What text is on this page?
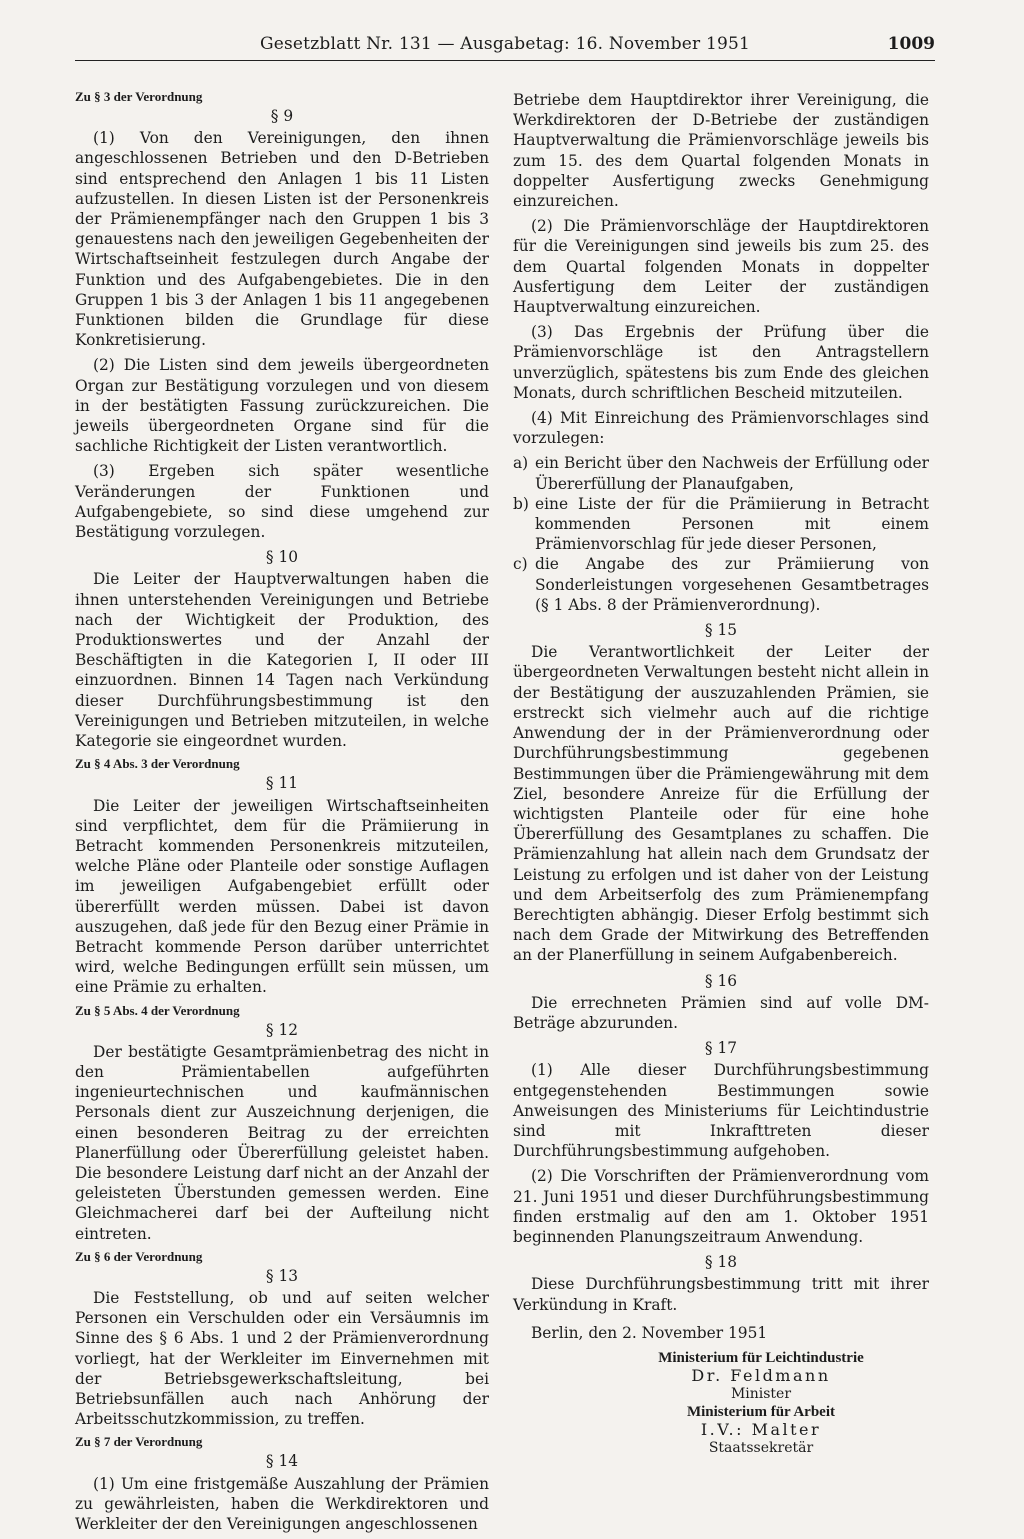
Gesetzblatt Nr. 131 — Ausgabetag: 16. November 1951	1009
Zu § 3 der Verordnung
§ 9

(1) Von den Vereinigungen, den ihnen angeschlossenen Betrieben und den D-Betrieben sind entsprechend den Anlagen 1 bis 11 Listen aufzustellen. In diesen Listen ist der Personenkreis der Prämienempfänger nach den Gruppen 1 bis 3 genauestens nach den jeweiligen Gegebenheiten der Wirtschaftseinheit festzulegen durch Angabe der Funktion und des Aufgabengebietes. Die in den Gruppen 1 bis 3 der Anlagen 1 bis 11 angegebenen Funktionen bilden die Grundlage für diese Konkretisierung.

(2) Die Listen sind dem jeweils übergeordneten Organ zur Bestätigung vorzulegen und von diesem in der bestätigten Fassung zurückzureichen. Die jeweils übergeordneten Organe sind für die sachliche Richtigkeit der Listen verantwortlich.

(3) Ergeben sich später wesentliche Veränderungen der Funktionen und Aufgabengebiete, so sind diese umgehend zur Bestätigung vorzulegen.

§ 10

Die Leiter der Hauptverwaltungen haben die ihnen unterstehenden Vereinigungen und Betriebe nach der Wichtigkeit der Produktion, des Produktionswertes und der Anzahl der Beschäftigten in die Kategorien I, II oder III einzuordnen. Binnen 14 Tagen nach Verkündung dieser Durchführungsbestimmung ist den Vereinigungen und Betrieben mitzuteilen, in welche Kategorie sie eingeordnet wurden.

Zu § 4 Abs. 3 der Verordnung
§ 11

Die Leiter der jeweiligen Wirtschaftseinheiten sind verpflichtet, dem für die Prämiierung in Betracht kommenden Personenkreis mitzuteilen, welche Pläne oder Planteile oder sonstige Auflagen im jeweiligen Aufgabengebiet erfüllt oder übererfüllt werden müssen. Dabei ist davon auszugehen, daß jede für den Bezug einer Prämie in Betracht kommende Person darüber unterrichtet wird, welche Bedingungen erfüllt sein müssen, um eine Prämie zu erhalten.

Zu § 5 Abs. 4 der Verordnung
§ 12

Der bestätigte Gesamtprämienbetrag des nicht in den Prämientabellen aufgeführten ingenieurtechnischen und kaufmännischen Personals dient zur Auszeichnung derjenigen, die einen besonderen Beitrag zu der erreichten Planerfüllung oder Übererfüllung geleistet haben. Die besondere Leistung darf nicht an der Anzahl der geleisteten Überstunden gemessen werden. Eine Gleichmacherei darf bei der Aufteilung nicht eintreten.

Zu § 6 der Verordnung
§ 13

Die Feststellung, ob und auf seiten welcher Personen ein Verschulden oder ein Versäumnis im Sinne des § 6 Abs. 1 und 2 der Prämienverordnung vorliegt, hat der Werkleiter im Einvernehmen mit der Betriebsgewerkschaftsleitung, bei Betriebsunfällen auch nach Anhörung der Arbeitsschutzkommission, zu treffen.

Zu § 7 der Verordnung
§ 14

(1) Um eine fristgemäße Auszahlung der Prämien zu gewährleisten, haben die Werkdirektoren und Werkleiter der den Vereinigungen angeschlossenen

Betriebe dem Hauptdirektor ihrer Vereinigung, die Werkdirektoren der D-Betriebe der zuständigen Hauptverwaltung die Prämienvorschläge jeweils bis zum 15. des dem Quartal folgenden Monats in doppelter Ausfertigung zwecks Genehmigung einzureichen.

(2) Die Prämienvorschläge der Hauptdirektoren für die Vereinigungen sind jeweils bis zum 25. des dem Quartal folgenden Monats in doppelter Ausfertigung dem Leiter der zuständigen Hauptverwaltung einzureichen.

(3) Das Ergebnis der Prüfung über die Prämienvorschläge ist den Antragstellern unverzüglich, spätestens bis zum Ende des gleichen Monats, durch schriftlichen Bescheid mitzuteilen.

(4) Mit Einreichung des Prämienvorschlages sind vorzulegen:

a) ein Bericht über den Nachweis der Erfüllung oder Übererfüllung der Planaufgaben,
b) eine Liste der für die Prämiierung in Betracht kommenden Personen mit einem Prämienvorschlag für jede dieser Personen,
c) die Angabe des zur Prämiierung von Sonderleistungen vorgesehenen Gesamtbetrages (§ 1 Abs. 8 der Prämienverordnung).
§ 15

Die Verantwortlichkeit der Leiter der übergeordneten Verwaltungen besteht nicht allein in der Bestätigung der auszuzahlenden Prämien, sie erstreckt sich vielmehr auch auf die richtige Anwendung der in der Prämienverordnung oder Durchführungsbestimmung gegebenen Bestimmungen über die Prämiengewährung mit dem Ziel, besondere Anreize für die Erfüllung der wichtigsten Planteile oder für eine hohe Übererfüllung des Gesamtplanes zu schaffen. Die Prämienzahlung hat allein nach dem Grundsatz der Leistung zu erfolgen und ist daher von der Leistung und dem Arbeitserfolg des zum Prämienempfang Berechtigten abhängig. Dieser Erfolg bestimmt sich nach dem Grade der Mitwirkung des Betreffenden an der Planerfüllung in seinem Aufgabenbereich.

§ 16

Die errechneten Prämien sind auf volle DM-Beträge abzurunden.

§ 17

(1) Alle dieser Durchführungsbestimmung entgegenstehenden Bestimmungen sowie Anweisungen des Ministeriums für Leichtindustrie sind mit Inkrafttreten dieser Durchführungsbestimmung aufgehoben.

(2) Die Vorschriften der Prämienverordnung vom 21. Juni 1951 und dieser Durchführungsbestimmung finden erstmalig auf den am 1. Oktober 1951 beginnenden Planungszeitraum Anwendung.

§ 18

Diese Durchführungsbestimmung tritt mit ihrer Verkündung in Kraft.

Berlin, den 2. November 1951
Ministerium für Leichtindustrie
Dr. Feldmann
Minister
Ministerium für Arbeit
I.V.: Malter
Staatssekretär
